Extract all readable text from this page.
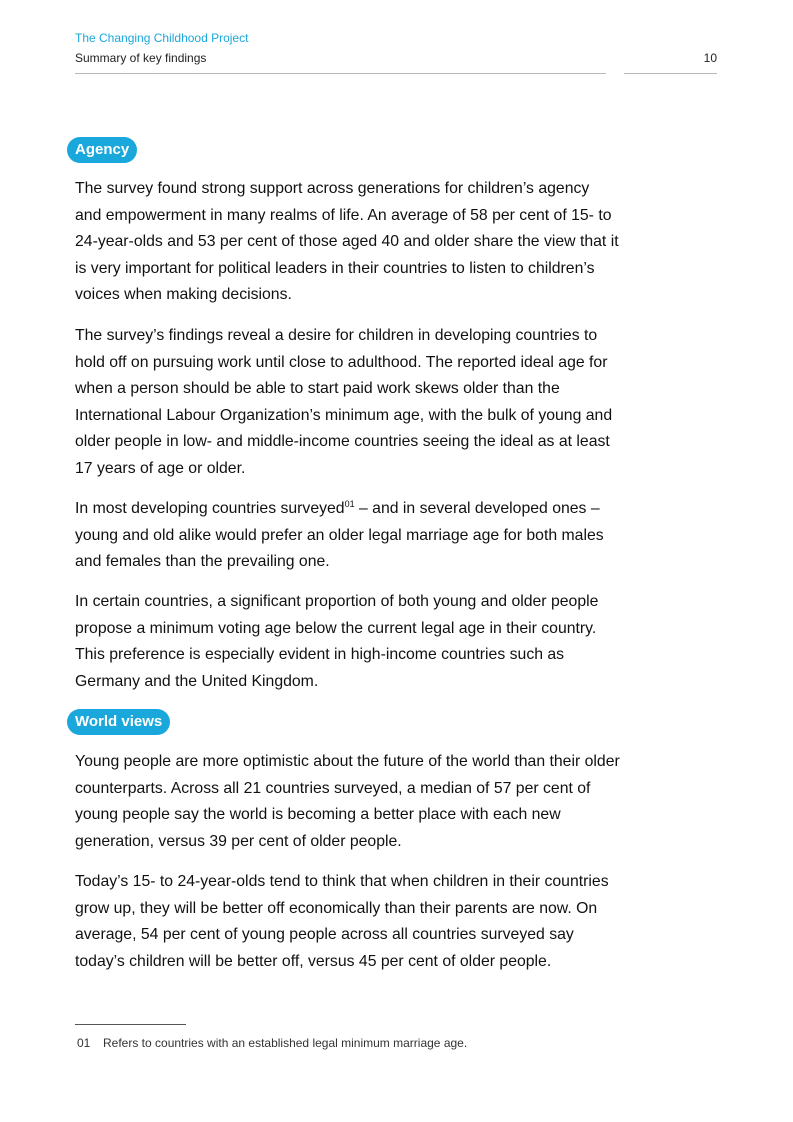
The Changing Childhood Project
Summary of key findings	10
Agency

The survey found strong support across generations for children’s agency and empowerment in many realms of life. An average of 58 per cent of 15- to 24-year-olds and 53 per cent of those aged 40 and older share the view that it is very important for political leaders in their countries to listen to children’s voices when making decisions.

The survey’s findings reveal a desire for children in developing countries to hold off on pursuing work until close to adulthood. The reported ideal age for when a person should be able to start paid work skews older than the International Labour Organization’s minimum age, with the bulk of young and older people in low- and middle-income countries seeing the ideal as at least 17 years of age or older.

In most developing countries surveyed$^{01}$ – and in several developed ones – young and old alike would prefer an older legal marriage age for both males and females than the prevailing one.

In certain countries, a significant proportion of both young and older people propose a minimum voting age below the current legal age in their country. This preference is especially evident in high-income countries such as Germany and the United Kingdom.

World views

Young people are more optimistic about the future of the world than their older counterparts. Across all 21 countries surveyed, a median of 57 per cent of young people say the world is becoming a better place with each new generation, versus 39 per cent of older people.

Today’s 15- to 24-year-olds tend to think that when children in their countries grow up, they will be better off economically than their parents are now. On average, 54 per cent of young people across all countries surveyed say today’s children will be better off, versus 45 per cent of older people.

01 Refers to countries with an established legal minimum marriage age.
